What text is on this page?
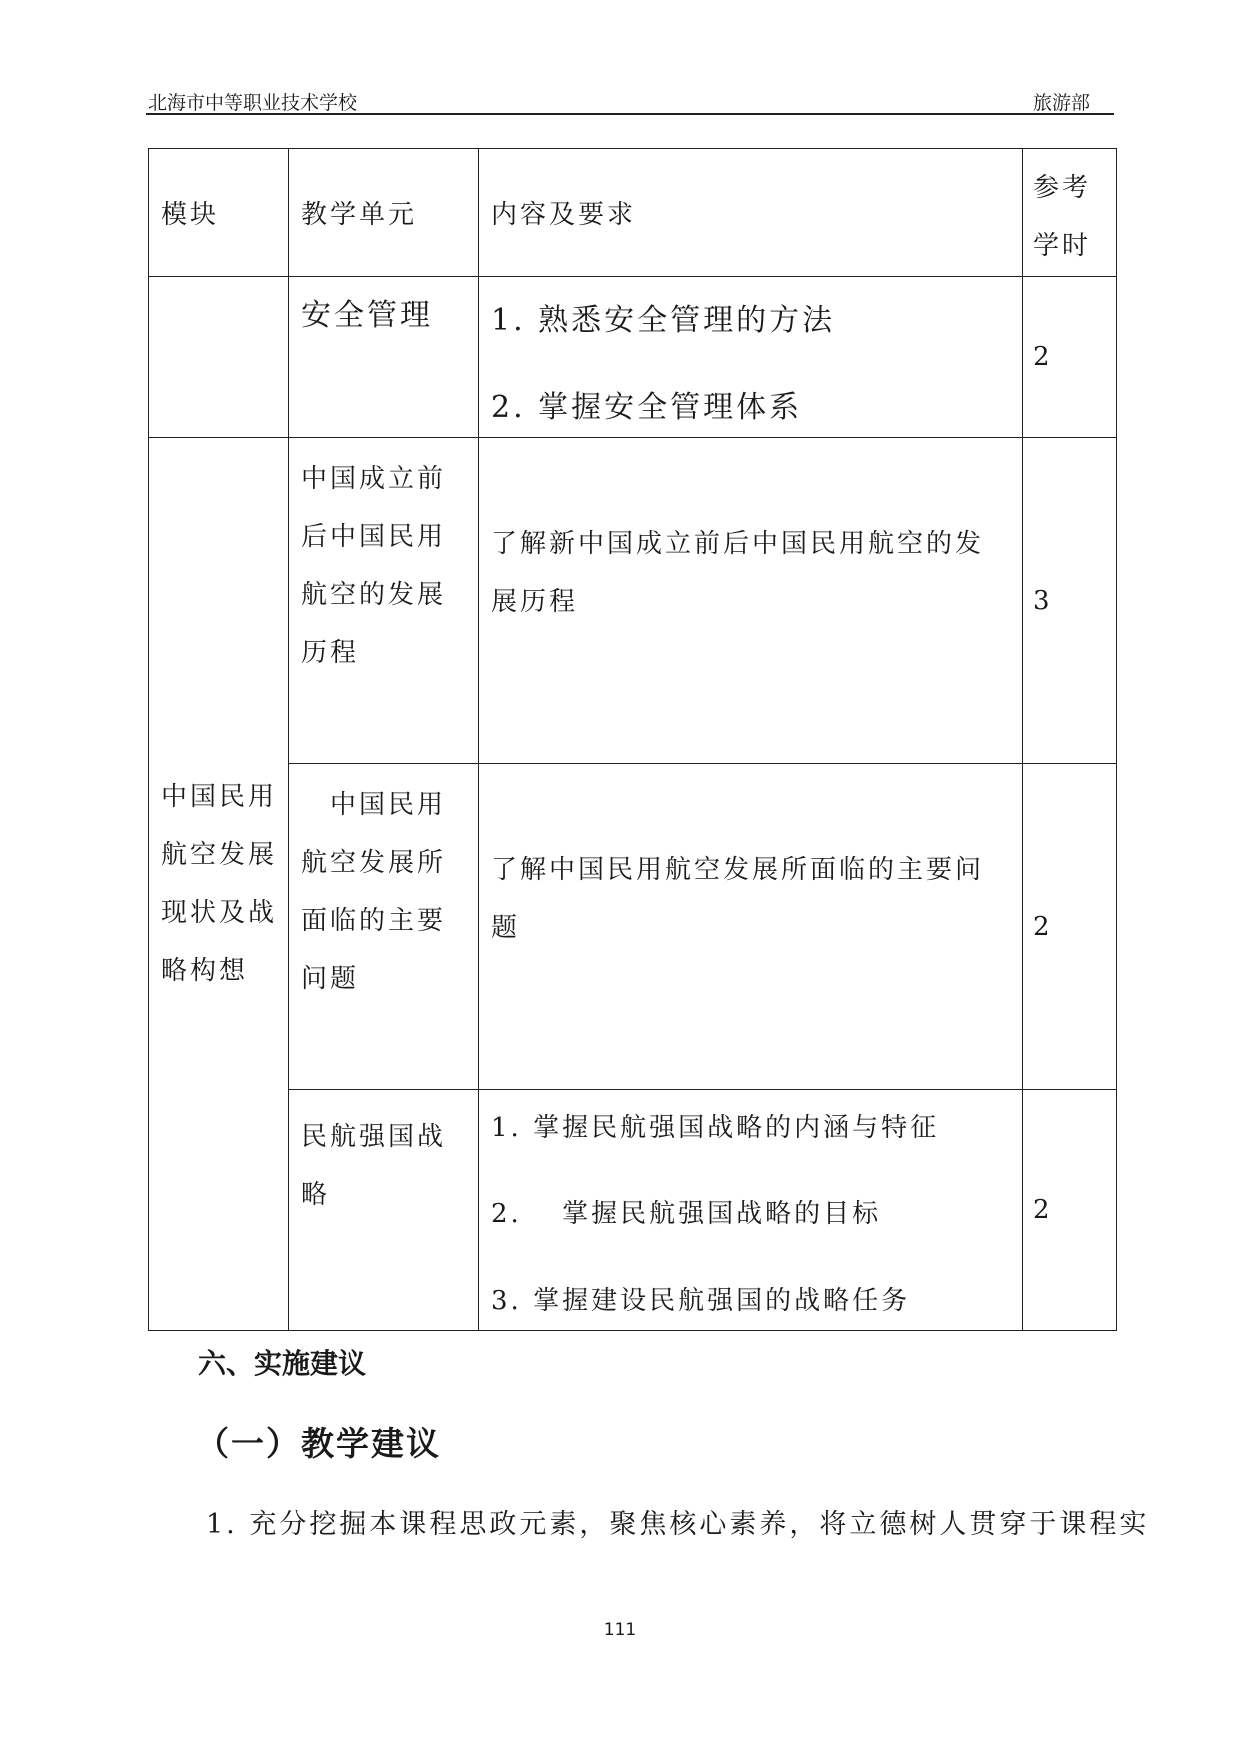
北海市中等职业技术学校	旅游部
模块	教学单元	内容及要求	参考
学时

	安全管理	1. 熟悉安全管理的方法
2. 掌握安全管理体系	2

中国民用
航空发展
现状及战
略构想	中国成立前
后中国民用
航空的发展
历程	了解新中国成立前后中国民用航空的发
展历程	3

	　中国民用
航空发展所
面临的主要
问题	了解中国民用航空发展所面临的主要问
题	2

	民航强国战
略	1. 掌握民航强国战略的内涵与特征
2.　 掌握民航强国战略的目标
3. 掌握建设民航强国的战略任务	2
六、实施建议
（一）教学建议
1. 充分挖掘本课程思政元素，聚焦核心素养，将立德树人贯穿于课程实
111
